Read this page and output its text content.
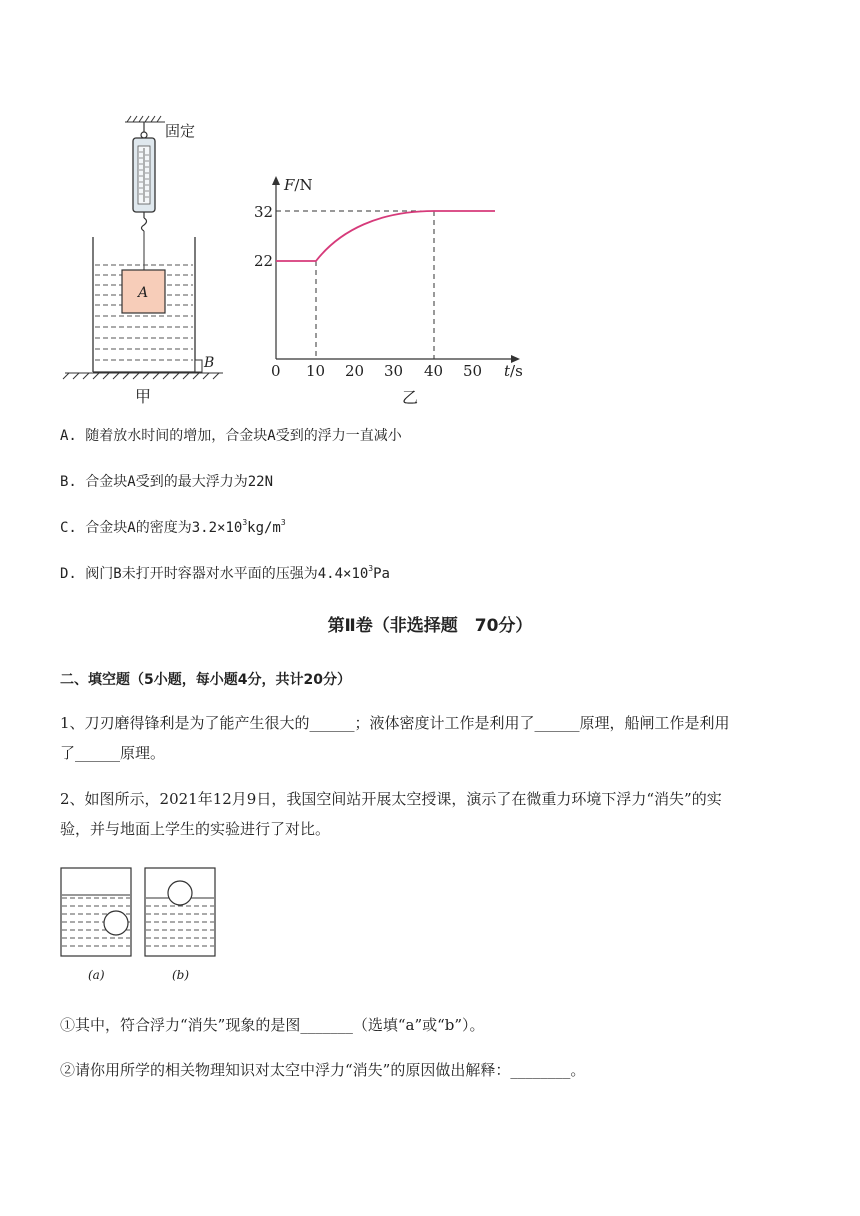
固定
A
B
甲
F/N
t/s
32
22
0 10 20 30 40 50
乙
A. 随着放水时间的增加，合金块A受到的浮力一直减小
B. 合金块A受到的最大浮力为22N
C. 合金块A的密度为$3.2\times 10^3kg/m^3$
D. 阀门B未打开时容器对水平面的压强为$4.4\times 10^3Pa$
第Ⅱ卷（非选择题　70分）
二、填空题（5小题，每小题4分，共计20分）
1、刀刃磨得锋利是为了能产生很大的______；液体密度计工作是利用了______原理，船闸工作是利用
了______原理。
2、如图所示，2021年12月9日，我国空间站开展太空授课，演示了在微重力环境下浮力“消失”的实
验，并与地面上学生的实验进行了对比。
(a)	(b)
①其中，符合浮力“消失”现象的是图_______（选填“a”或“b”）。
②请你用所学的相关物理知识对太空中浮力“消失”的原因做出解释：________。
